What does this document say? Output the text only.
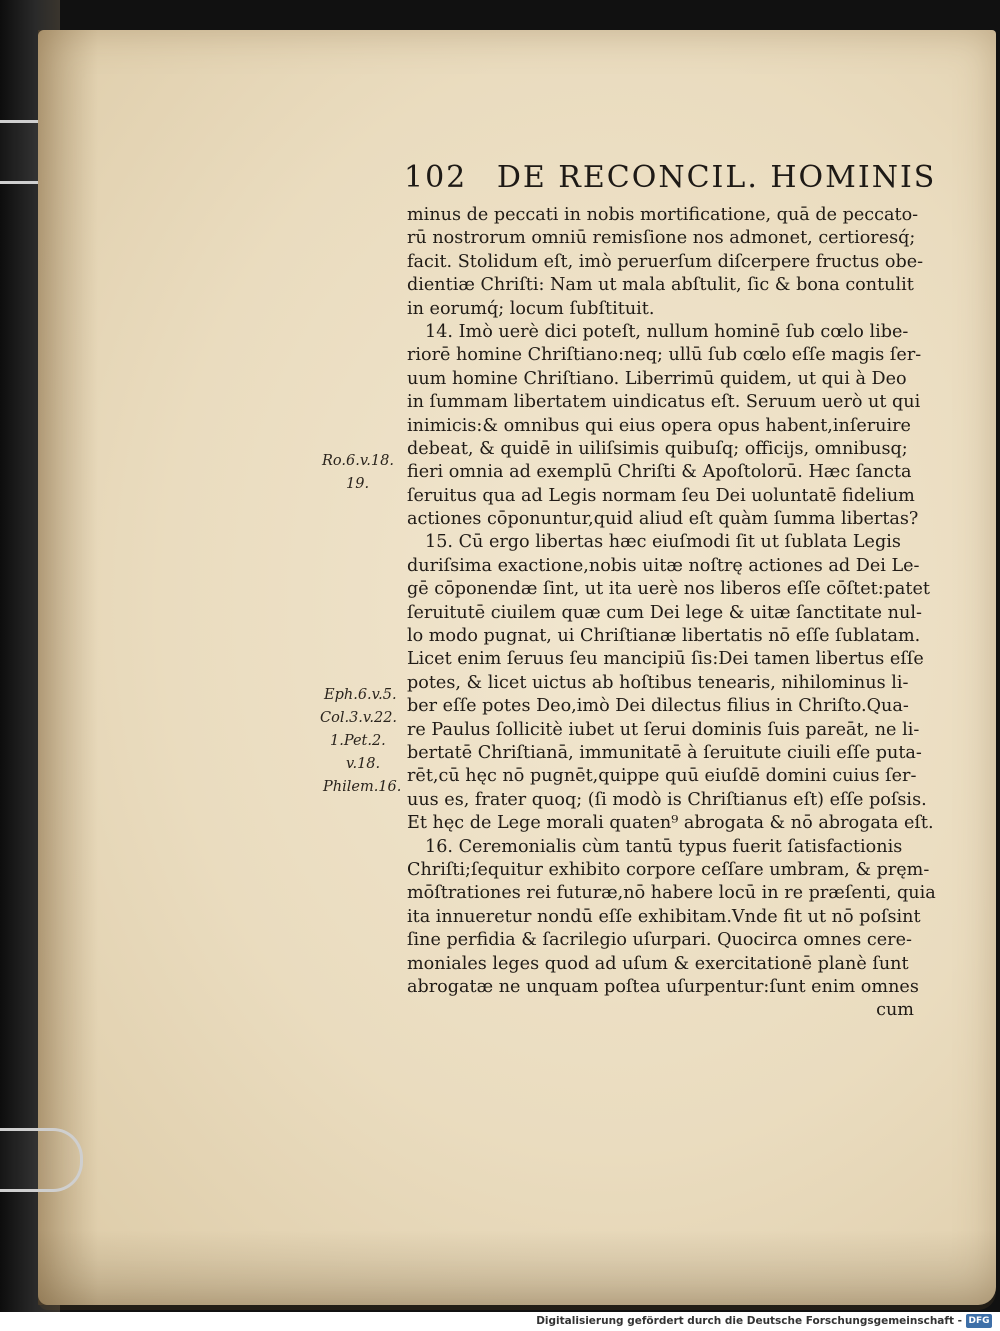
102 DE RECONCIL. HOMINIS
minus de peccati in nobis mortificatione, quā de peccato-
rū nostrorum omniū remisſione nos admonet, certioresq́;
facit. Stolidum eſt, imò peruerſum diſcerpere fructus obe-
dientiæ Chriſti: Nam ut mala abſtulit, ſic & bona contulit
in eorumq́; locum ſubſtituit.
14. Imò uerè dici poteſt, nullum hominē ſub cœlo libe-
riorē homine Chriſtiano:neq; ullū ſub cœlo eſſe magis ſer-
uum homine Chriſtiano. Liberrimū quidem, ut qui à Deo
in ſummam libertatem uindicatus eſt. Seruum uerò ut qui
inimicis:& omnibus qui eius opera opus habent,inſeruire
debeat, & quidē in uiliſsimis quibuſq; officijs, omnibusq;
fieri omnia ad exemplū Chriſti & Apoſtolorū. Hæc ſancta
ſeruitus qua ad Legis normam ſeu Dei uoluntatē fidelium
actiones cōponuntur,quid aliud eſt quàm ſumma libertas?
15. Cū ergo libertas hæc eiuſmodi ſit ut ſublata Legis
duriſsima exactione,nobis uitæ noſtrę actiones ad Dei Le-
gē cōponendæ ſint, ut ita uerè nos liberos eſſe cōſtet:patet
ſeruitutē ciuilem quæ cum Dei lege & uitæ ſanctitate nul-
lo modo pugnat, ui Chriſtianæ libertatis nō eſſe ſublatam.
Licet enim ſeruus ſeu mancipiū ſis:Dei tamen libertus eſſe
potes, & licet uictus ab hoſtibus tenearis, nihilominus li-
ber eſſe potes Deo,imò Dei dilectus filius in Chriſto.Qua-
re Paulus ſollicitè iubet ut ſerui dominis ſuis pareāt, ne li-
bertatē Chriſtianā, immunitatē à ſeruitute ciuili eſſe puta-
rēt,cū hęc nō pugnēt,quippe quū eiuſdē domini cuius ſer-
uus es, frater quoq; (ſi modò is Chriſtianus eſt) eſſe poſsis.
Et hęc de Lege morali quaten⁹ abrogata & nō abrogata eſt.
16. Ceremonialis cùm tantū typus fuerit ſatisfactionis
Chriſti;ſequitur exhibito corpore ceſſare umbram, & pręm-
mōſtrationes rei futuræ,nō habere locū in re præſenti, quia
ita innueretur nondū eſſe exhibitam.Vnde fit ut nō poſsint
ſine perfidia & ſacrilegio uſurpari. Quocirca omnes cere-
moniales leges quod ad uſum & exercitationē planè ſunt
abrogatæ ne unquam poſtea uſurpentur:ſunt enim omnes
cum
Ro.6.v.18.
19.
Eph.6.v.5.
Col.3.v.22.
1.Pet.2.
v.18.
Philem.16.
Digitalisierung gefördert durch die Deutsche Forschungsgemeinschaft - DFG
